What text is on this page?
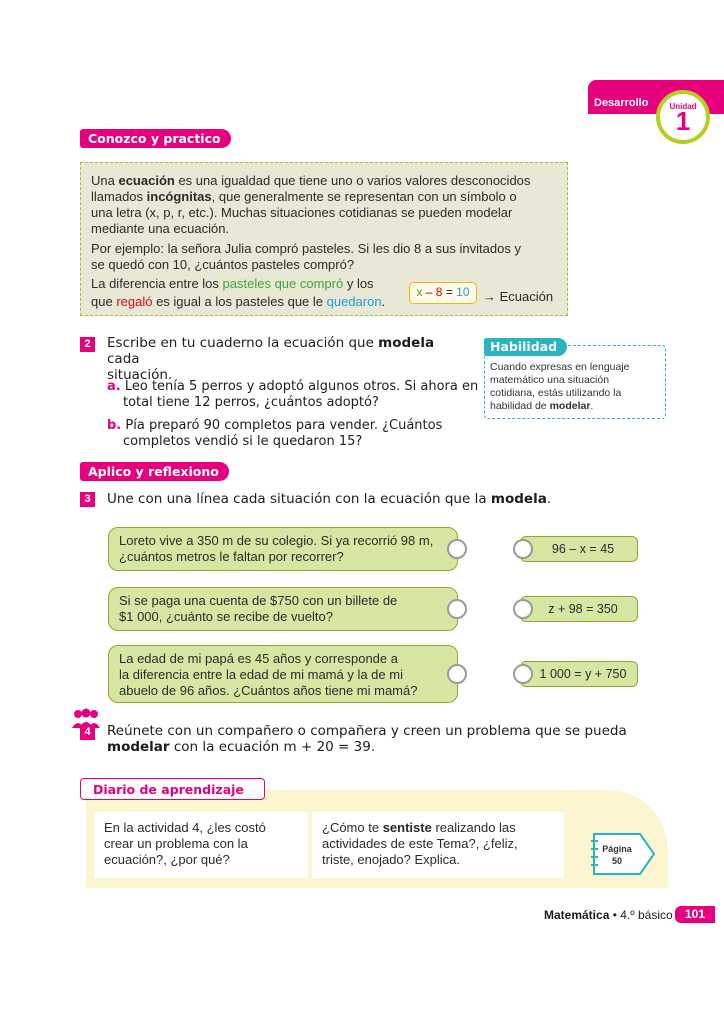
Desarrollo	Unidad
1
Conozco y practico

Una ecuación es una igualdad que tiene uno o varios valores desconocidos

llamados incógnitas, que generalmente se representan con un símbolo o

una letra (x, p, r, etc.). Muchas situaciones cotidianas se pueden modelar

mediante una ecuación.

Por ejemplo: la señora Julia compró pasteles. Si les dio 8 a sus invitados y

se quedó con 10, ¿cuántos pasteles compró?

La diferencia entre los pasteles que compró y los

que regaló es igual a los pasteles que le quedaron.

x – 8 = 10	→ Ecuación

2	Escribe en tu cuaderno la ecuación que modela cada
situación.
a. Leo tenía 5 perros y adoptó algunos otros. Si ahora en
total tiene 12 perros, ¿cuántos adoptó?
b. Pía preparó 90 completos para vender. ¿Cuántos
completos vendió si le quedaron 15?
Habilidad
Cuando expresas en lenguaje
matemático una situación
cotidiana, estás utilizando la
habilidad de modelar.
Aplico y reflexiono
3	Une con una línea cada situación con la ecuación que la modela.
Loreto vive a 350 m de su colegio. Si ya recorrió 98 m,
¿cuántos metros le faltan por recorrer?
Si se paga una cuenta de $750 con un billete de
$1 000, ¿cuánto se recibe de vuelto?
La edad de mi papá es 45 años y corresponde a
la diferencia entre la edad de mi mamá y la de mi
abuelo de 96 años. ¿Cuántos años tiene mi mamá?
96 – x = 45
z + 98 = 350
1 000 = y + 750
4	Reúnete con un compañero o compañera y creen un problema que se pueda
modelar con la ecuación m + 20 = 39.
Diario de aprendizaje
En la actividad 4, ¿les costó
crear un problema con la
ecuación?, ¿por qué?
¿Cómo te sentiste realizando las
actividades de este Tema?, ¿feliz,
triste, enojado? Explica.
Página
50
Matemática • 4.º básico	101
